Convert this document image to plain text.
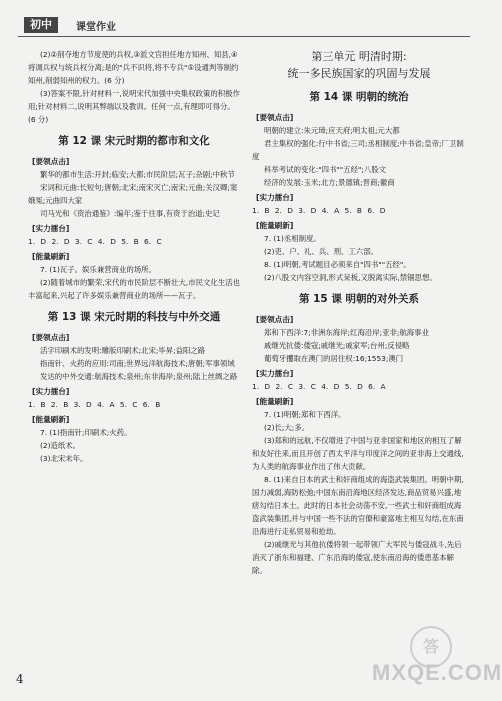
初中	课堂作业

(2)②削夺地方节度使的兵权,③派文官担任地方知州、知县,④将调兵权与统兵权分离;是的"兵不识将,将不专兵"⑤设通判等制约知州,削弱知州的权力。(6 分)

(3)答案不限,针对材料一,说明宋代加强中央集权政策的积极作用;针对材料二,说明其弊端以及教训。任何一点,有理即可得分。(6 分)

第 12 课 宋元时期的都市和文化
[ 要领点击 ]

繁华的都市生活:开封;临安;大都;市民阶层;瓦子;杂剧;中秋节

宋词和元曲:长短句;唐朝;北宋;南宋灭亡;南宋;元曲;关汉卿;窦娥冤;元曲四大家

司马光和《资治通鉴》:编年;鉴于往事,有资于治道;史记

[ 实力擂台 ]

1. D 2. D 3. C 4. D 5. B 6. C

[ 能量刷新 ]

7. (1)瓦子。娱乐兼营商业的场所。

(2)随着城市的繁荣,宋代的市民阶层不断壮大,市民文化生活也丰富起来,兴起了许多娱乐兼营商业的场所——瓦子。

第 13 课 宋元时期的科技与中外交通
[ 要领点击 ]

活字印刷术的发明:雕版印刷术;北宋;毕昇;益阳之路

指南针、火药的应用:司南;世界远洋航海技术;唐朝;军事领域

发达的中外交通:航海技术;泉州;东非海岸;泉州;陆上丝绸之路

[ 实力擂台 ]

1. B 2. B 3. D 4. A 5. C 6. B

[ 能量刷新 ]

7. (1)指南针;印刷术;火药。

(2)造纸术。

(3)北宋末年。

第三单元 明清时期:

统一多民族国家的巩固与发展

第 14 课 明朝的统治
[ 要领点击 ]

明朝的建立:朱元璋;应天府;明太祖;元大都

君主集权的强化:行中书省;三司;丞相制度;中书省;皇帝;厂卫制度

科举考试的变化:"四书""五经";八股文

经济的发展:玉米;北方;景德镇;晋商;徽商

[ 实力擂台 ]

1. B 2. D 3. D 4. A 5. B 6. D

[ 能量刷新 ]

7. (1)丞相制度。

(2)吏、户、礼、兵、刑、工六部。

8. (1)明朝,考试题目必须来自"四书""五经"。

(2)八股文内容空洞,形式呆板,又脱离实际,禁锢思想。

第 15 课 明朝的对外关系
[ 要领点击 ]

郑和下西洋:7;非洲东海岸;红海沿岸;亚非;航海事业

戚继光抗倭:倭寇;戚继光;戚家军;台州;反侵略

葡萄牙攫取在澳门的居住权:16;1553;澳门

[ 实力擂台 ]

1. D 2. C 3. C 4. D 5. D 6. A

[ 能量刷新 ]

7. (1)明朝;郑和下西洋。

(2)长;大;多。

(3)郑和的远航,不仅增进了中国与亚非国家和地区的相互了解和友好往来,而且开创了西太平洋与印度洋之间的亚非海上交通线,为人类的航海事业作出了伟大贡献。

8. (1)来自日本的武士和奸商组成的海盗武装集团。明朝中期,国力减弱,海防松弛;中国东南沿海地区经济发达,商品贸易兴盛,地痞勾结日本士。此时的日本社会动荡不安,一些武士和奸商组成海盗武装集团,并与中国一些不法的官僚和豪富地主相互勾结,在东南沿海进行走私贸易和抢劫。

(2)戚继光与其他抗倭将领一起带领广大军民与倭寇战斗,先后消灭了浙东和福建、广东沿海的倭寇,使东南沿海的倭患基本解除。

4
答
MXQE.COM
